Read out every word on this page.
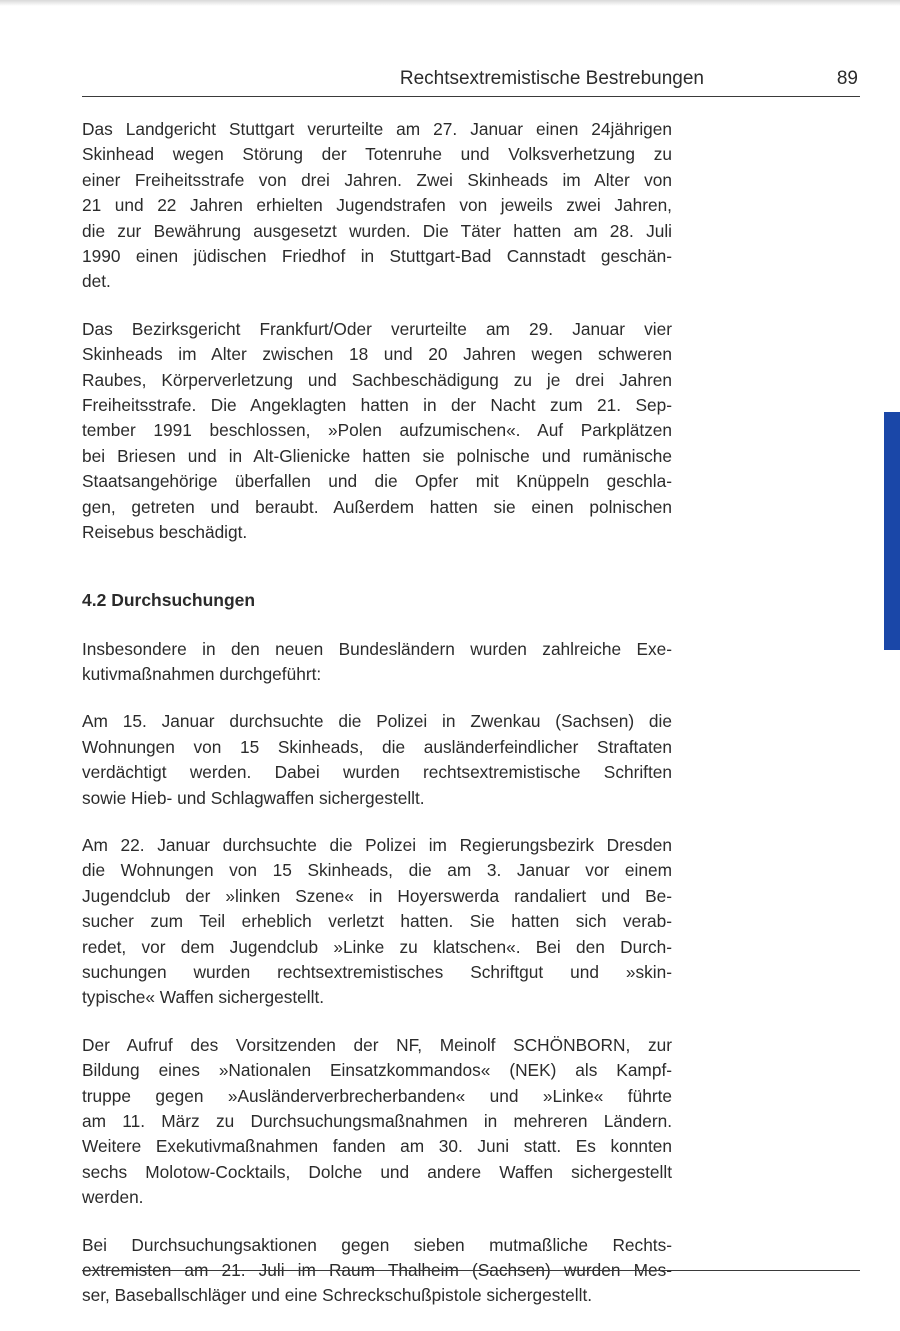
Rechtsextremistische Bestrebungen	89

Das Landgericht Stuttgart verurteilte am 27. Januar einen 24jährigen
Skinhead wegen Störung der Totenruhe und Volksverhetzung zu
einer Freiheitsstrafe von drei Jahren. Zwei Skinheads im Alter von
21 und 22 Jahren erhielten Jugendstrafen von jeweils zwei Jahren,
die zur Bewährung ausgesetzt wurden. Die Täter hatten am 28. Juli
1990 einen jüdischen Friedhof in Stuttgart-Bad Cannstadt geschän-
det.

Das Bezirksgericht Frankfurt/Oder verurteilte am 29. Januar vier
Skinheads im Alter zwischen 18 und 20 Jahren wegen schweren
Raubes, Körperverletzung und Sachbeschädigung zu je drei Jahren
Freiheitsstrafe. Die Angeklagten hatten in der Nacht zum 21. Sep-
tember 1991 beschlossen, »Polen aufzumischen«. Auf Parkplätzen
bei Briesen und in Alt-Glienicke hatten sie polnische und rumänische
Staatsangehörige überfallen und die Opfer mit Knüppeln geschla-
gen, getreten und beraubt. Außerdem hatten sie einen polnischen
Reisebus beschädigt.

4.2 Durchsuchungen

Insbesondere in den neuen Bundesländern wurden zahlreiche Exe-
kutivmaßnahmen durchgeführt:

Am 15. Januar durchsuchte die Polizei in Zwenkau (Sachsen) die
Wohnungen von 15 Skinheads, die ausländerfeindlicher Straftaten
verdächtigt werden. Dabei wurden rechtsextremistische Schriften
sowie Hieb- und Schlagwaffen sichergestellt.

Am 22. Januar durchsuchte die Polizei im Regierungsbezirk Dresden
die Wohnungen von 15 Skinheads, die am 3. Januar vor einem
Jugendclub der »linken Szene« in Hoyerswerda randaliert und Be-
sucher zum Teil erheblich verletzt hatten. Sie hatten sich verab-
redet, vor dem Jugendclub »Linke zu klatschen«. Bei den Durch-
suchungen wurden rechtsextremistisches Schriftgut und »skin-
typische« Waffen sichergestellt.

Der Aufruf des Vorsitzenden der NF, Meinolf SCHÖNBORN, zur
Bildung eines »Nationalen Einsatzkommandos« (NEK) als Kampf-
truppe gegen »Ausländerverbrecherbanden« und »Linke« führte
am 11. März zu Durchsuchungsmaßnahmen in mehreren Ländern.
Weitere Exekutivmaßnahmen fanden am 30. Juni statt. Es konnten
sechs Molotow-Cocktails, Dolche und andere Waffen sichergestellt
werden.

Bei Durchsuchungsaktionen gegen sieben mutmaßliche Rechts-
extremisten am 21. Juli im Raum Thalheim (Sachsen) wurden Mes-
ser, Baseballschläger und eine Schreckschußpistole sichergestellt.
